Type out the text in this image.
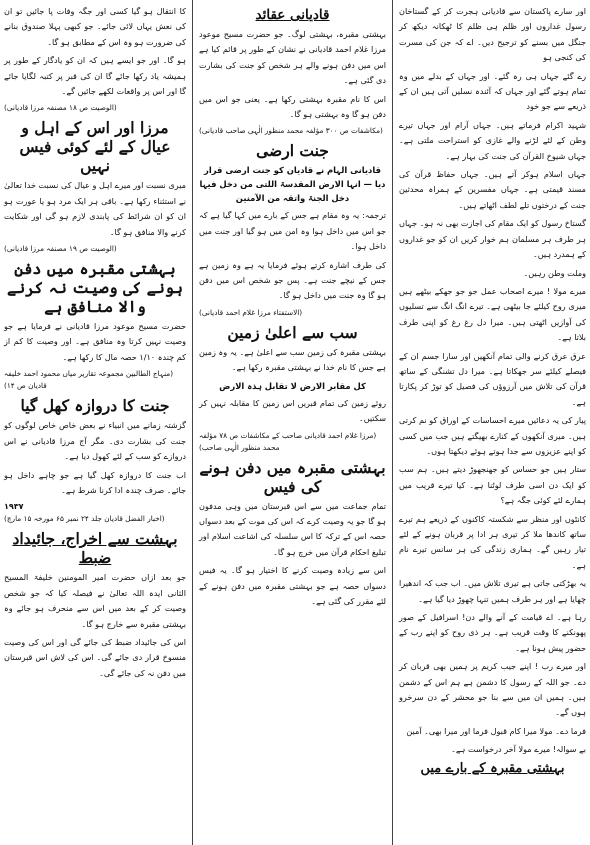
اور سارے پاکستان سے قادیانی ہجرت کر کے گستاخان رسول غداروں اور ظلم ہی ظلم کا ٹھکانہ دیکھ کر جنگل میں بسنے کو ترجیح دیں۔ اے کہ جن کی مسرت کی کنجی ہو

رے گئے جہاں ہی رہ گئے۔ اور جہاں کے بدلے میں وہ تمام ہوتے گئے اور جہاں کہ آئندہ نسلیں آتی ہیں ان کے ذریعے سے جو خود

شہید اکرام فرماتے ہیں۔ جہاں آرام اور جہاں تیرے وطن کے لئے لڑنے والے غازی کو استراحت ملتی ہے۔ جہاں شیوخ القرآن کی جنت کی بہار ہے۔

جہاں اسلام ہوکر آتے ہیں۔ جہاں حفاظ قرآن کی مسند قیمتی ہے۔ جہاں مفسرین کے ہمراہ محدثین جنت کے درختوں تلے لطف اٹھاتے ہیں۔

گستاخ رسول کو ایک مقام کی اجازت بھی نہ ہو۔ جہاں ہر طرف ہر مسلمان ہم خوار کریں ان کو جو غداروں کے ہمدرد ہیں۔

وملت وطن رہیں۔

میرے مولا ! میرے اصحاب عمل جو جو جھکے بیٹھے ہیں میری روح کیلئے جا بیٹھی ہے۔ تیرے انگ انگ سے تسلیوں کی آوازیں اٹھتی ہیں۔ میرا دل رغ رغ کو اپنی طرف بلاتا ہے۔

عرق عرق کرنے والی تمام آنکھیں اور سارا جسم ان کے فیصلے کیلئے سر جھکاتا ہے۔ میرا دل تشنگی کے ساتھ قرآن کی تلاش میں آرزوؤں کی فصیل کو توڑ کر پکارتا ہے۔

پیار کی یہ دعائیں میرے احساسات کے اوراق کو نم کرتی ہیں۔ میری آنکھوں کے کنارے بھیگتے ہیں جب میں کسی کو اپنے عزیزوں سے جدا ہوتے ہوئے دیکھتا ہوں۔

ستار ہیں جو حساس کو جھنجھوڑ دیتے ہیں۔ ہم سب کو ایک دن اسی طرف لوٹنا ہے۔ کیا تیرے قریب میں ہمارے لئے کوئی جگہ ہے؟

کانٹوں اور منظر سے شکستہ کاکنوں کے ذریعے ہم تیرے ساتھ کاندھا ملا کر تیری ہر ادا پر قربان ہونے کے لئے تیار رہیں گے۔ ہماری زندگی کی ہر سانس تیرے نام ہے۔

یہ بھڑکتی جاتی ہے تیری تلاش میں۔ اب جب کہ اندھیرا چھایا ہے اور ہر طرف ہمیں تنہا چھوڑ دیا گیا ہے۔

رہا ہے۔ اے قیامت کے آنے والے دن! اسرافیل کے صور پھونکنے کا وقت قریب ہے۔ ہر ذی روح کو اپنے رب کے حضور پیش ہونا ہے۔

اور میرے رب ! اپنے جیب کریم پر ہمیں بھی قربان کر دے۔ جو اللہ کے رسول کا دشمن ہے ہم اس کے دشمن ہیں۔ ہمیں ان میں سے بنا جو محشر کے دن سرخرو ہوں گے۔

فرما دے۔ مولا میرا کام قبول فرما اور میرا بھی۔ آمین

بے سوالہ! میرے مولا آخر درخواست ہے۔

بہشتی مقبرہ کے بارے میں
قادیانی عقائد

بہشتی مقبرہ، بہشتی لوگ۔ جو حضرت مسیح موعود مرزا غلام احمد قادیانی نے نشان کے طور پر قائم کیا ہے اس میں دفن ہونے والے ہر شخص کو جنت کی بشارت دی گئی ہے۔

اس کا نام مقبرہ بہشتی رکھا ہے۔ یعنی جو اس میں دفن ہو گا وہ بہشتی ہو گا۔

(مکاشفات ص ۳۰۰ مؤلفہ محمد منظور الٰہی صاحب قادیانی)

جنت ارضی

قادیانی الہام نے قادیان کو جنت ارضی قرار دیا — انہا الارض المقدسۃ اللتی من دخل فیہا دخل الجنۃ واتقہ من الآمنین

ترجمہ: یہ وہ مقام ہے جس کے بارے میں کہا گیا ہے کہ جو اس میں داخل ہوا وہ امن میں ہو گیا اور جنت میں داخل ہوا۔

کی طرف اشارہ کرتے ہوئے فرمایا یہ ہے وہ زمین ہے جس کے نیچے جنت ہے۔ پس جو شخص اس میں دفن ہو گا وہ جنت میں داخل ہو گا۔

(الاستفتاء مرزا غلام احمد قادیانی)

سب سے اعلیٰ زمین

بہشتی مقبرہ کی زمین سب سے اعلیٰ ہے۔ یہ وہ زمین ہے جس کا نام خدا نے بہشتی مقبرہ رکھا ہے۔

کل مقابر الارض لا تقابل ہذہ الارض

روئے زمین کی تمام قبریں اس زمین کا مقابلہ نہیں کر سکتیں۔

(مرزا غلام احمد قادیانی صاحب کے مکاشفات ص ۷۸ مؤلفہ محمد منظور الٰہی صاحب)

بہشتی مقبرہ میں دفن ہونے کی فیس

تمام جماعت میں سے اس قبرستان میں وہی مدفون ہو گا جو یہ وصیت کرے کہ اس کی موت کے بعد دسواں حصہ اس کے ترکہ کا اس سلسلہ کی اشاعت اسلام اور تبلیغ احکام قرآن میں خرچ ہو گا۔

اس سے زیادہ وصیت کرنے کا اختیار ہو گا۔ یہ فیس دسواں حصہ ہے جو بہشتی مقبرہ میں دفن ہونے کے لئے مقرر کی گئی ہے۔

کا انتقال ہو گیا کسی اور جگہ وفات پا جائیں تو ان کی نعش یہاں لائی جائے۔ جو کبھی پہلا صندوق بنانے کی ضرورت ہو وہ اس کے مطابق ہو گا۔

ہو گا۔ اور جو ایسے ہیں کہ ان کو یادگار کے طور پر ہمیشہ یاد رکھا جائے گا ان کی قبر پر کتبہ لگایا جائے گا اور اس پر واقعات لکھے جائیں گے۔

(الوصیت ص ۱۸ مصنفہ مرزا قادیانی)

مرزا اور اس کے اہل و عیال کے لئے کوئی فیس نہیں

میری نسبت اور میرے اہل و عیال کی نسبت خدا تعالیٰ نے استثناء رکھا ہے۔ باقی ہر ایک مرد ہو یا عورت ہو ان کو ان شرائط کی پابندی لازم ہو گی اور شکایت کرنے والا منافق ہو گا۔

(الوصیت ص ۱۹ مصنفہ مرزا قادیانی)

بہشتی مقبرہ میں دفن ہونے کی وصیت نہ کرنے والا منافق ہے

حضرت مسیح موعود مرزا قادیانی نے فرمایا ہے جو وصیت نہیں کرتا وہ منافق ہے۔ اور وصیت کا کم از کم چندہ ۱/۱۰ حصہ مال کا رکھا ہے۔

(منہاج الطالبین مجموعہ تقاریر میاں محمود احمد خلیفہ قادیان ص ۱۴)

جنت کا دروازہ کھل گیا

گزشتہ زمانے میں انبیاء نے بعض خاص خاص لوگوں کو جنت کی بشارت دی۔ مگر آج مرزا قادیانی نے اس دروازے کو سب کے لئے کھول دیا ہے۔

اب جنت کا دروازہ کھل گیا ہے جو چاہے داخل ہو جائے۔ صرف چندہ ادا کرنا شرط ہے۔

۱۹۳۷

(اخبار الفضل قادیان جلد ۲۴ نمبر ۶۵ مورخہ ۱۵ مارچ)

بہشت سے اخراج، جائیداد ضبط

جو بعد ازاں حضرت امیر المومنین خلیفۃ المسیح الثانی ایدہ اللہ تعالیٰ نے فیصلہ کیا کہ جو شخص وصیت کر کے بعد میں اس سے منحرف ہو جائے وہ بہشتی مقبرہ سے خارج ہو گا۔

اس کی جائیداد ضبط کی جائے گی اور اس کی وصیت منسوخ قرار دی جائے گی۔ اس کی لاش اس قبرستان میں دفن نہ کی جائے گی۔
